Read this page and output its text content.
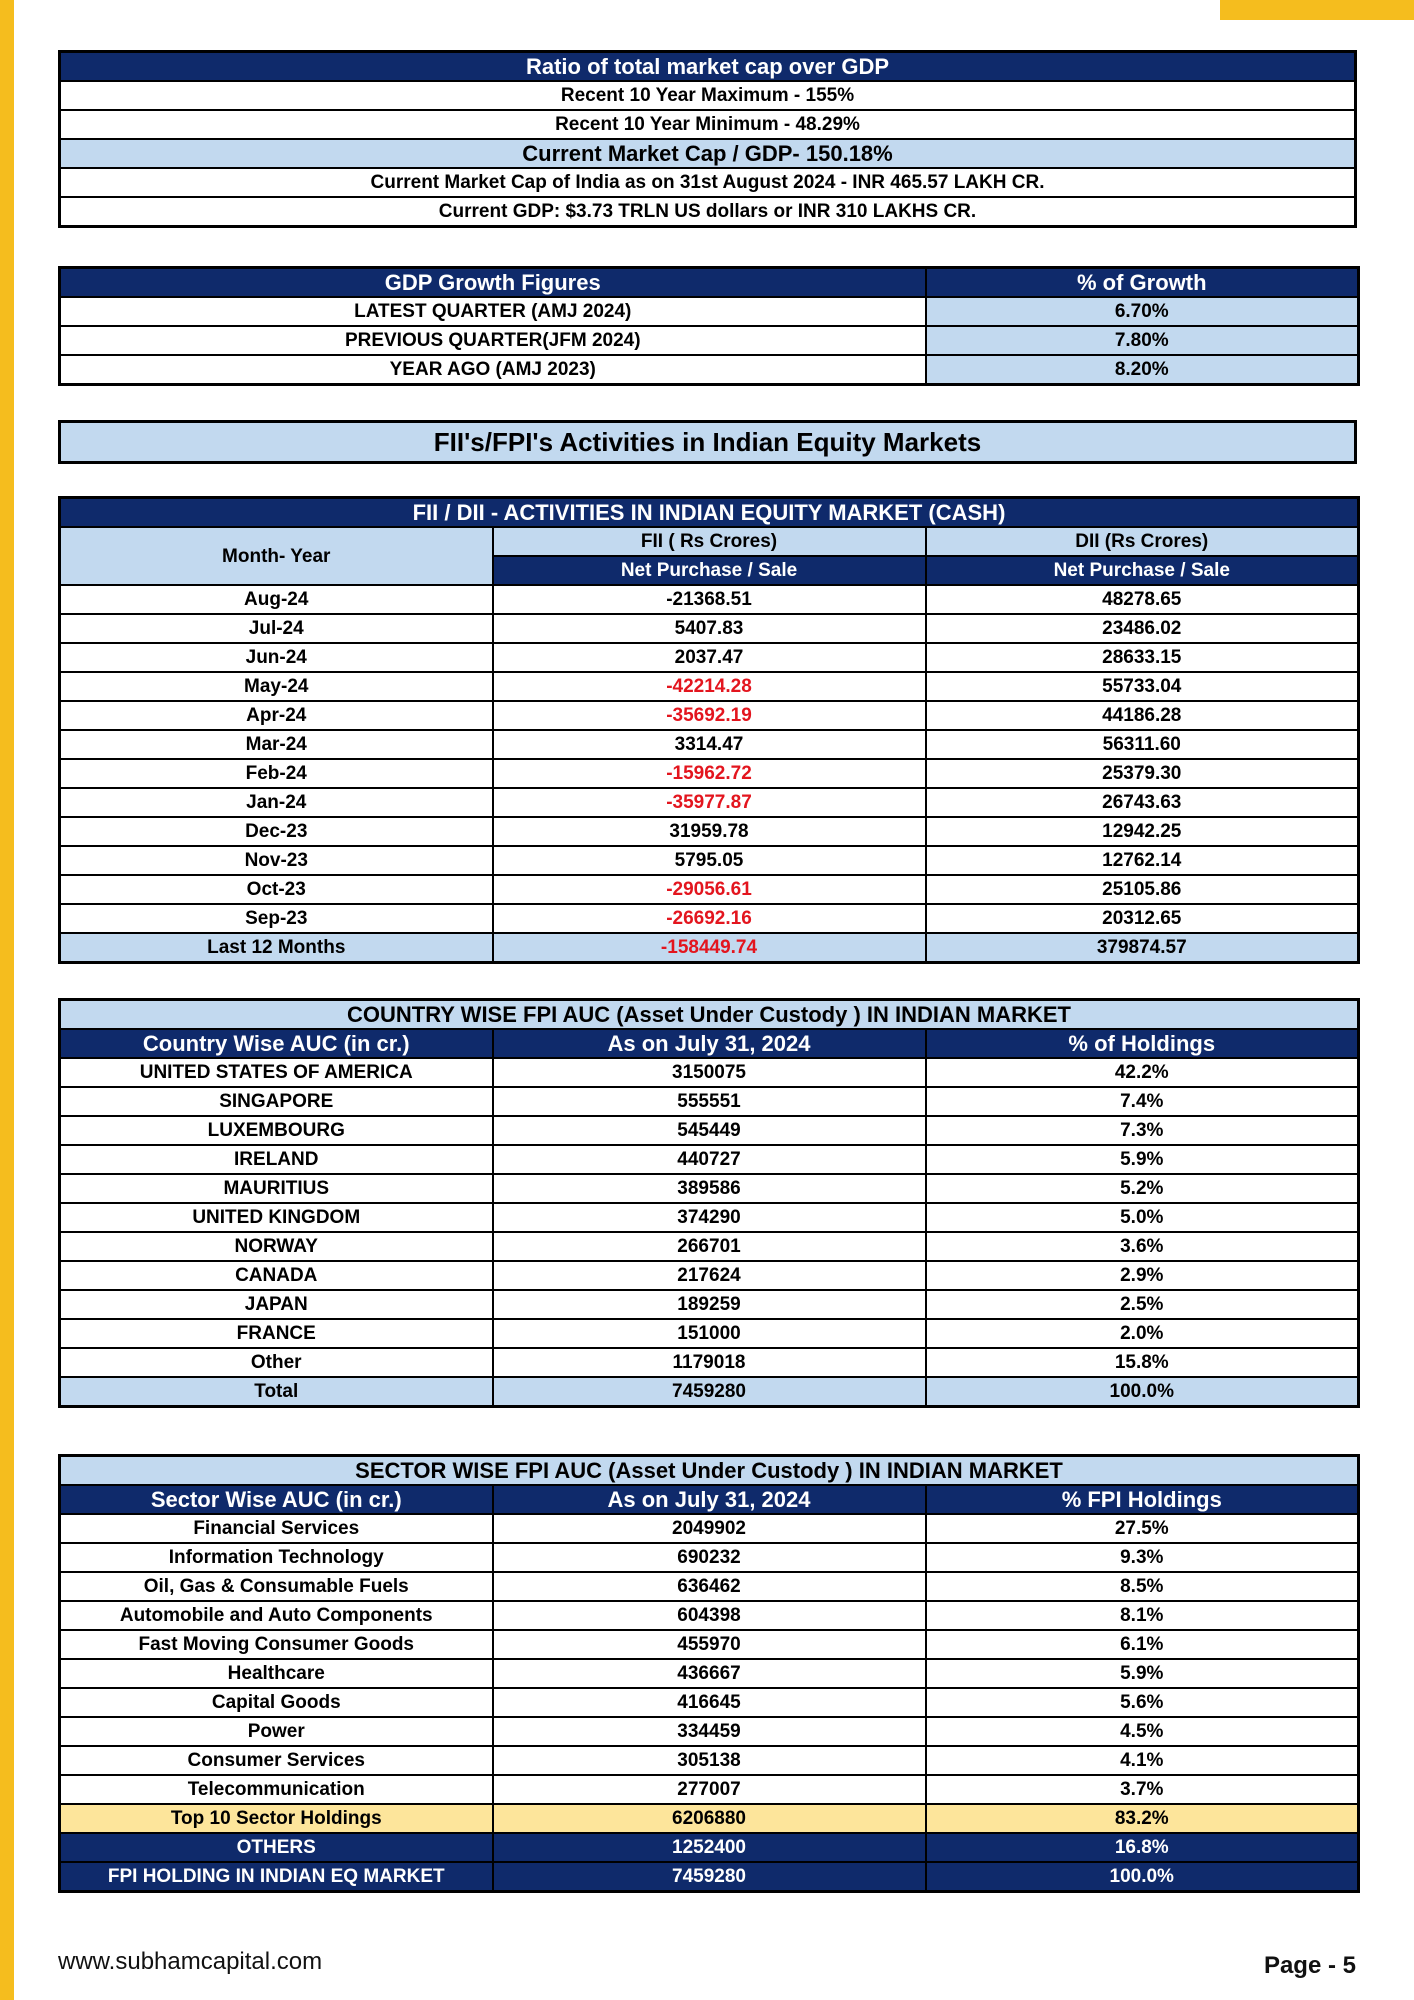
Ratio of total market cap over GDP
Recent 10 Year Maximum - 155%
Recent 10 Year Minimum - 48.29%
Current Market Cap / GDP- 150.18%
Current Market Cap of India as on 31st August 2024 - INR 465.57 LAKH CR.
Current GDP: $3.73 TRLN US dollars or INR 310 LAKHS CR.
GDP Growth Figures	% of Growth
LATEST QUARTER (AMJ 2024)	6.70%
PREVIOUS QUARTER(JFM 2024)	7.80%
YEAR AGO (AMJ 2023)	8.20%
FII's/FPI's Activities in Indian Equity Markets
FII / DII - ACTIVITIES IN INDIAN EQUITY MARKET (CASH)		
Month- Year	FII ( Rs Crores)	DII (Rs Crores)
	Net Purchase / Sale	Net Purchase / Sale
Aug-24	-21368.51	48278.65
Jul-24	5407.83	23486.02
Jun-24	2037.47	28633.15
May-24	-42214.28	55733.04
Apr-24	-35692.19	44186.28
Mar-24	3314.47	56311.60
Feb-24	-15962.72	25379.30
Jan-24	-35977.87	26743.63
Dec-23	31959.78	12942.25
Nov-23	5795.05	12762.14
Oct-23	-29056.61	25105.86
Sep-23	-26692.16	20312.65
Last 12 Months	-158449.74	379874.57
COUNTRY WISE FPI AUC (Asset Under Custody ) IN INDIAN MARKET		
Country Wise AUC (in cr.)	As on July 31, 2024	% of Holdings
UNITED STATES OF AMERICA	3150075	42.2%
SINGAPORE	555551	7.4%
LUXEMBOURG	545449	7.3%
IRELAND	440727	5.9%
MAURITIUS	389586	5.2%
UNITED KINGDOM	374290	5.0%
NORWAY	266701	3.6%
CANADA	217624	2.9%
JAPAN	189259	2.5%
FRANCE	151000	2.0%
Other	1179018	15.8%
Total	7459280	100.0%
SECTOR WISE FPI AUC (Asset Under Custody ) IN INDIAN MARKET		
Sector Wise AUC (in cr.)	As on July 31, 2024	% FPI Holdings
Financial Services	2049902	27.5%
Information Technology	690232	9.3%
Oil, Gas & Consumable Fuels	636462	8.5%
Automobile and Auto Components	604398	8.1%
Fast Moving Consumer Goods	455970	6.1%
Healthcare	436667	5.9%
Capital Goods	416645	5.6%
Power	334459	4.5%
Consumer Services	305138	4.1%
Telecommunication	277007	3.7%
Top 10 Sector Holdings	6206880	83.2%
OTHERS	1252400	16.8%
FPI HOLDING IN INDIAN EQ MARKET	7459280	100.0%
www.subhamcapital.com	Page - 5
